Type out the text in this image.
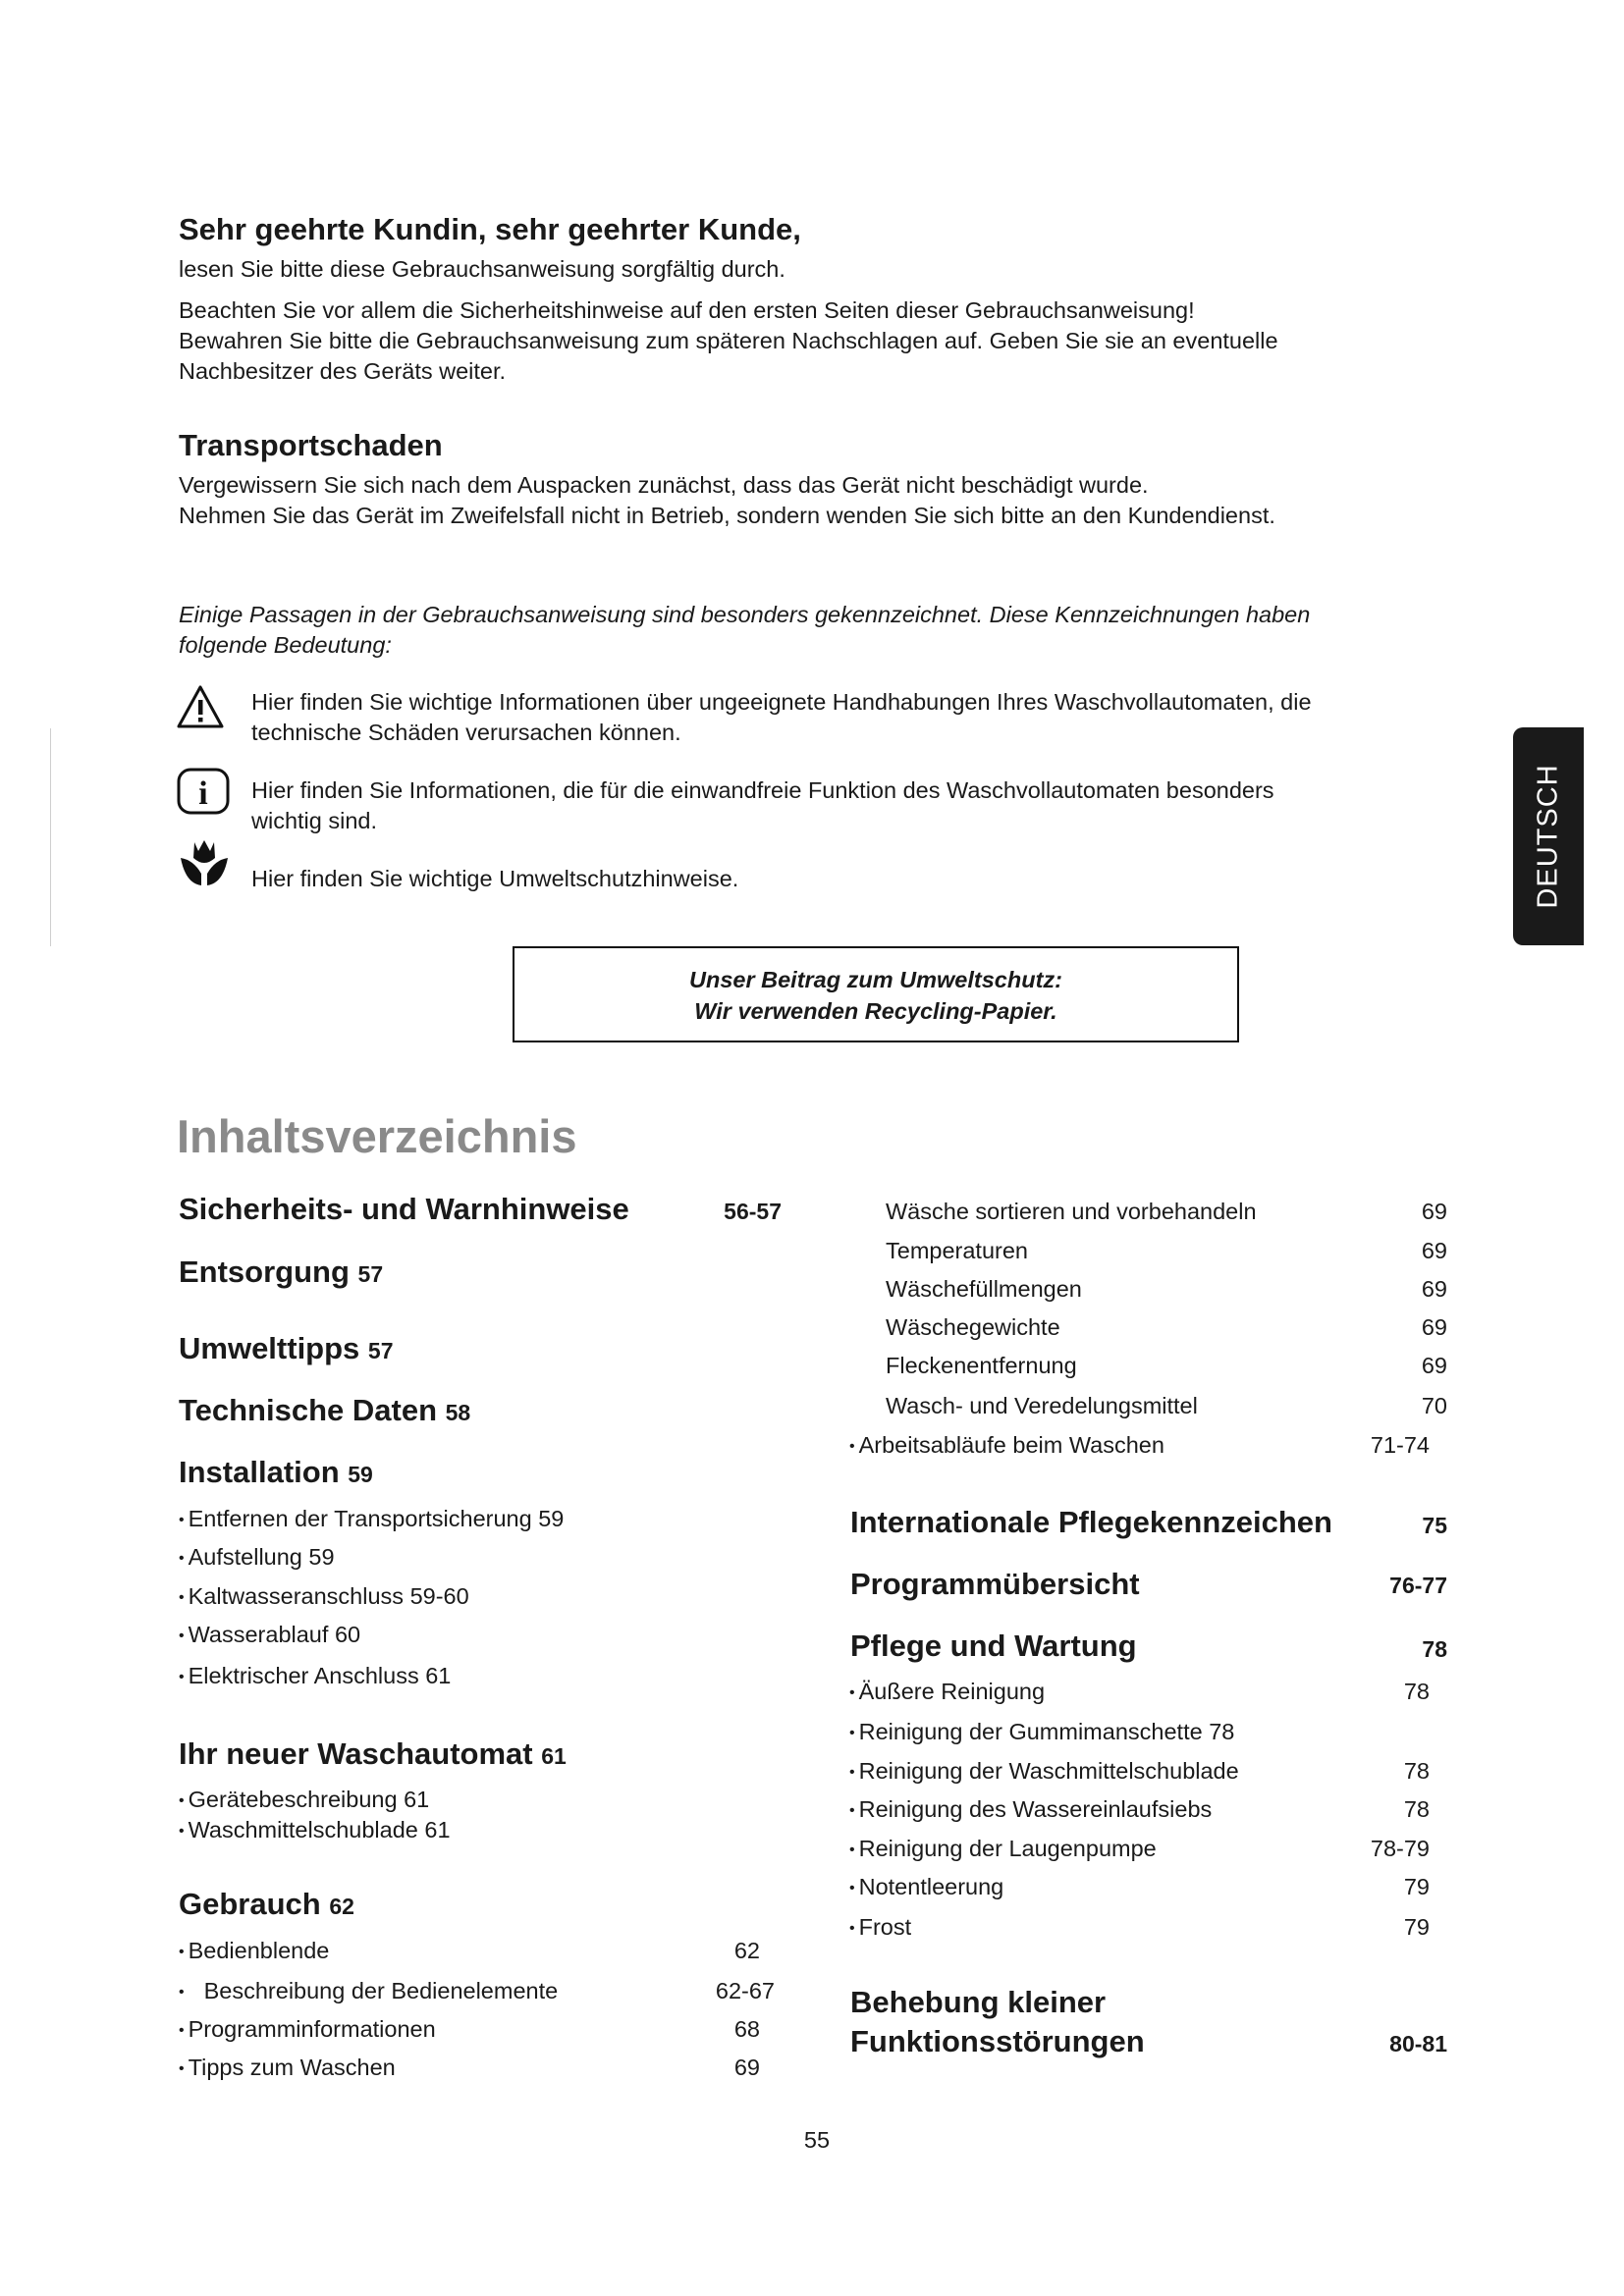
Sehr geehrte Kundin, sehr geehrter Kunde,
lesen Sie bitte diese Gebrauchsanweisung sorgfältig durch.
Beachten Sie vor allem die Sicherheitshinweise auf den ersten Seiten dieser Gebrauchsanweisung!
Bewahren Sie bitte die Gebrauchsanweisung zum späteren Nachschlagen auf. Geben Sie sie an eventuelle
Nachbesitzer des Geräts weiter.
Transportschaden
Vergewissern Sie sich nach dem Auspacken zunächst, dass das Gerät nicht beschädigt wurde.
Nehmen Sie das Gerät im Zweifelsfall nicht in Betrieb, sondern wenden Sie sich bitte an den Kundendienst.
Einige Passagen in der Gebrauchsanweisung sind besonders gekennzeichnet. Diese Kennzeichnungen haben
folgende Bedeutung:
Hier finden Sie wichtige Informationen über ungeeignete Handhabungen Ihres Waschvollautomaten, die
technische Schäden verursachen können.
i Hier finden Sie Informationen, die für die einwandfreie Funktion des Waschvollautomaten besonders
wichtig sind.
Hier finden Sie wichtige Umweltschutzhinweise.	DEUTSCH
Unser Beitrag zum Umweltschutz:
Wir verwenden Recycling-Papier.
Inhaltsverzeichnis
Sicherheits- und Warnhinweise	56-57
Entsorgung 57
Umwelttipps 57
Technische Daten 58
Installation 59
• Entfernen der Transportsicherung 59
• Aufstellung 59
• Kaltwasseranschluss 59-60
• Wasserablauf 60
• Elektrischer Anschluss 61
Ihr neuer Waschautomat 61
• Gerätebeschreibung 61
• Waschmittelschublade 61
Gebrauch 62
• Bedienblende	62
• Beschreibung der Bedienelemente	62-67
• Programminformationen	68
• Tipps zum Waschen	69
Wäsche sortieren und vorbehandeln	69
Temperaturen	69
Wäschefüllmengen	69
Wäschegewichte	69
Fleckenentfernung	69
Wasch- und Veredelungsmittel	70
• Arbeitsabläufe beim Waschen	71-74
Internationale Pflegekennzeichen	75
Programmübersicht	76-77
Pflege und Wartung	78
• Äußere Reinigung	78
• Reinigung der Gummimanschette 78
• Reinigung der Waschmittelschublade	78
• Reinigung des Wassereinlaufsiebs	78
• Reinigung der Laugenpumpe	78-79
• Notentleerung	79
• Frost	79
Behebung kleiner
Funktionsstörungen	80-81
55
